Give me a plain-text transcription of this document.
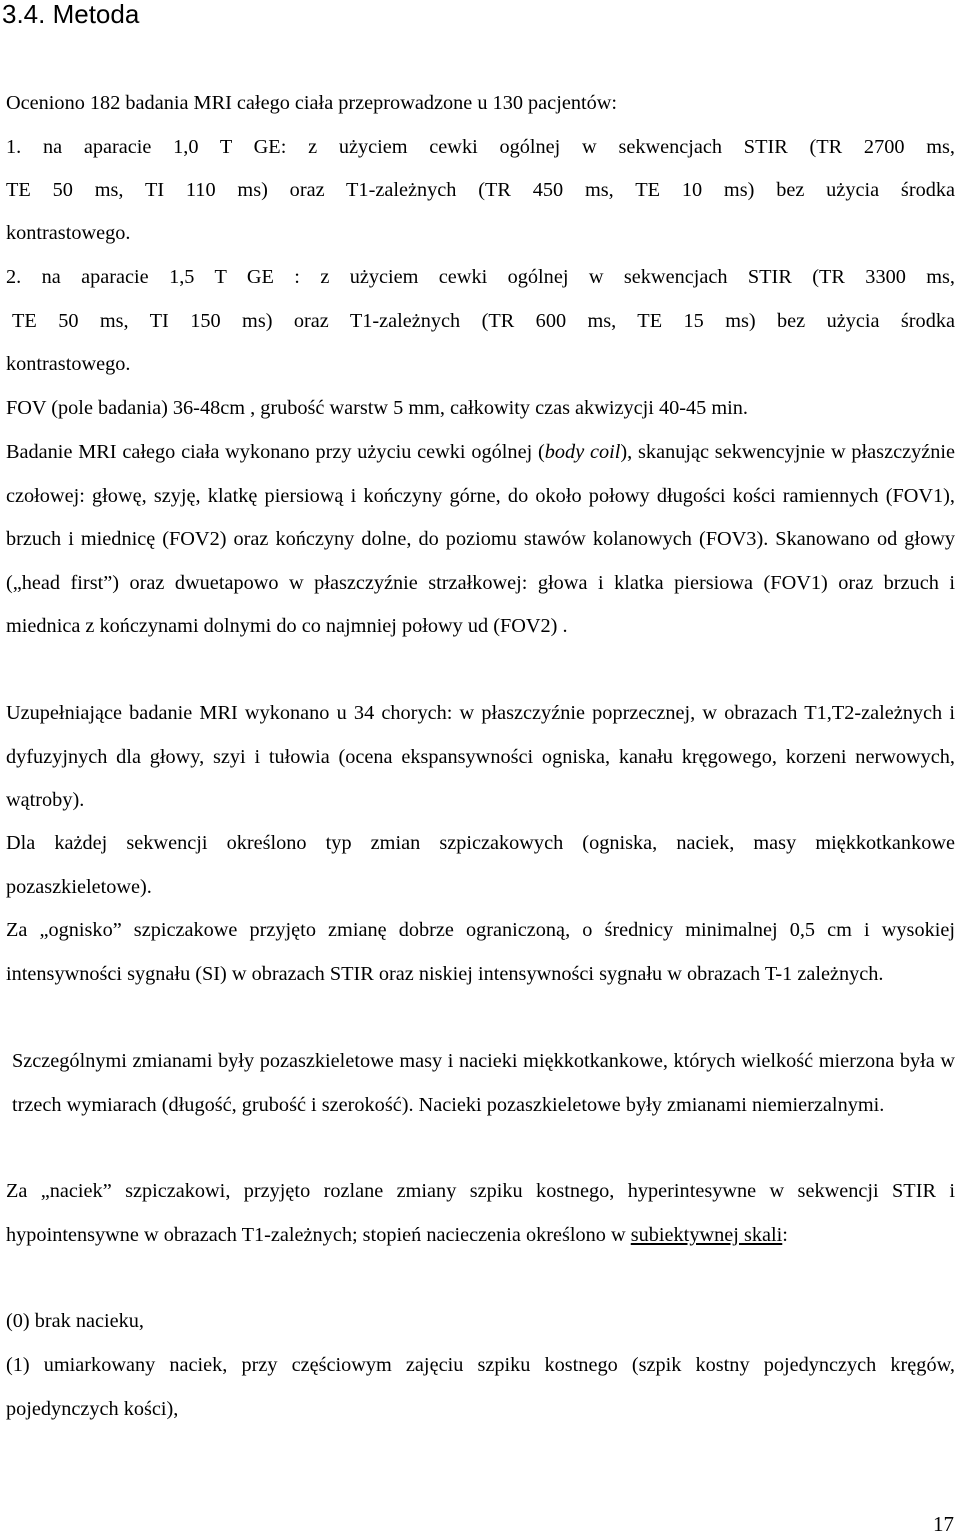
3.4. Metoda
Oceniono 182 badania MRI całego ciała przeprowadzone u 130 pacjentów:
1. na aparacie 1,0 T GE: z użyciem cewki ogólnej w sekwencjach STIR (TR 2700 ms,
TE 50 ms, TI 110 ms) oraz T1-zależnych (TR 450 ms, TE 10 ms) bez użycia środka
kontrastowego.
2. na aparacie 1,5 T GE : z użyciem cewki ogólnej w sekwencjach STIR (TR 3300 ms,
TE 50 ms, TI 150 ms) oraz T1-zależnych (TR 600 ms, TE 15 ms) bez użycia środka
kontrastowego.
FOV (pole badania) 36-48cm , grubość warstw 5 mm, całkowity czas akwizycji 40-45 min.
Badanie MRI całego ciała wykonano przy użyciu cewki ogólnej (body coil), skanując sekwencyjnie w płaszczyźnie czołowej: głowę, szyję, klatkę piersiową i kończyny górne, do około połowy długości kości ramiennych (FOV1), brzuch i miednicę (FOV2) oraz kończyny dolne, do poziomu stawów kolanowych (FOV3). Skanowano od głowy („head first”) oraz dwuetapowo w płaszczyźnie strzałkowej: głowa i klatka piersiowa (FOV1) oraz brzuch i miednica z kończynami dolnymi do co najmniej połowy ud (FOV2) .
Uzupełniające badanie MRI wykonano u 34 chorych: w płaszczyźnie poprzecznej, w obrazach T1,T2-zależnych i dyfuzyjnych dla głowy, szyi i tułowia (ocena ekspansywności ogniska, kanału kręgowego, korzeni nerwowych, wątroby).
Dla każdej sekwencji określono typ zmian szpiczakowych (ogniska, naciek, masy miękkotkankowe pozaszkieletowe).
Za „ognisko” szpiczakowe przyjęto zmianę dobrze ograniczoną, o średnicy minimalnej 0,5 cm i wysokiej intensywności sygnału (SI) w obrazach STIR oraz niskiej intensywności sygnału w obrazach T-1 zależnych.
Szczególnymi zmianami były pozaszkieletowe masy i nacieki miękkotkankowe, których wielkość mierzona była w trzech wymiarach (długość, grubość i szerokość). Nacieki pozaszkieletowe były zmianami niemierzalnymi.
Za „naciek” szpiczakowi, przyjęto rozlane zmiany szpiku kostnego, hyperintesywne w sekwencji STIR i hypointensywne w obrazach T1-zależnych; stopień nacieczenia określono w subiektywnej skali:
(0) brak nacieku,
(1) umiarkowany naciek, przy częściowym zajęciu szpiku kostnego (szpik kostny pojedynczych kręgów, pojedynczych kości),
17
